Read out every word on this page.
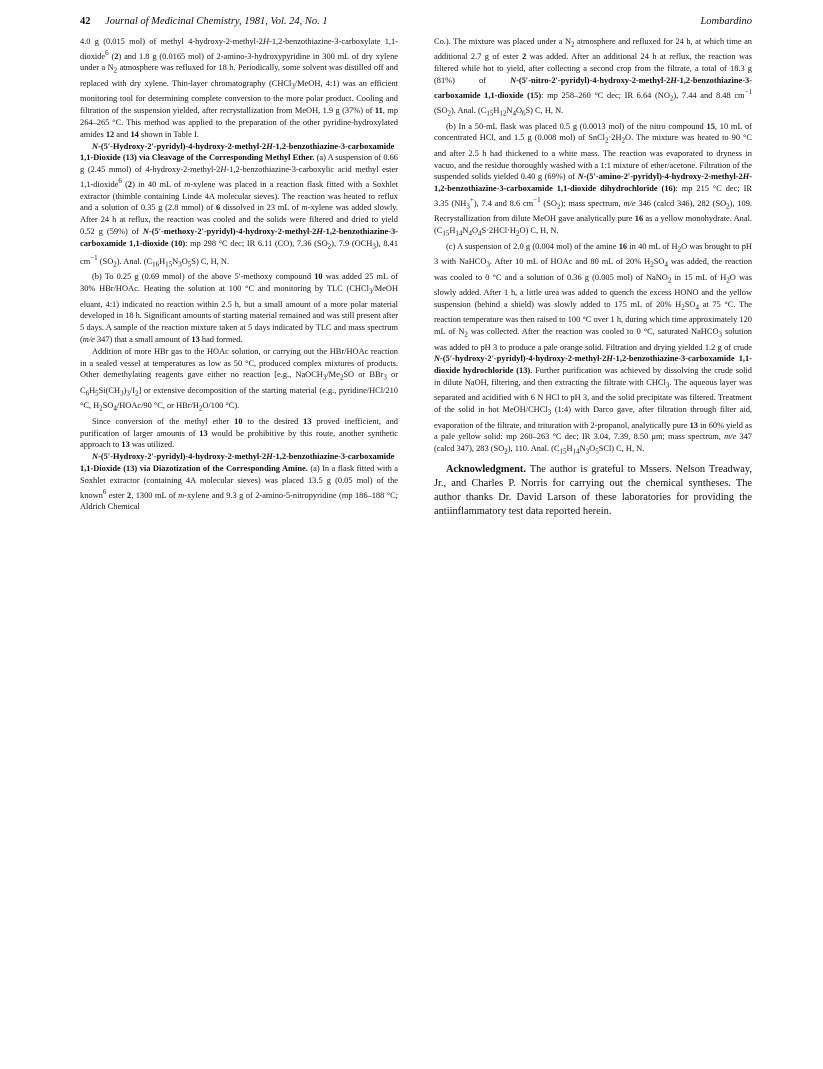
42 Journal of Medicinal Chemistry, 1981, Vol. 24, No. 1	Lombardino

4.0 g (0.015 mol) of methyl 4-hydroxy-2-methyl-2H-1,2-benzothiazine-3-carboxylate 1,1-dioxide$^6$ (2) and 1.8 g (0.0165 mol) of 2-amino-3-hydroxypyridine in 300 mL of dry xylene under a $N_2$ atmosphere was refluxed for 18 h. Periodically, some solvent was distilled off and replaced with dry xylene. Thin-layer chromatography (CHCl$_3$/MeOH, 4:1) was an efficient monitoring tool for determining complete conversion to the more polar product. Cooling and filtration of the suspension yielded, after recrystallization from MeOH, 1.9 g (37%) of 11, mp 264–265 °C. This method was applied to the preparation of the other pyridine-hydroxylated amides 12 and 14 shown in Table I.

N-(5′-Hydroxy-2′-pyridyl)-4-hydroxy-2-methyl-2H-1,2-benzothiazine-3-carboxamide 1,1-Dioxide (13) via Cleavage of the Corresponding Methyl Ether. (a) A suspension of 0.66 g (2.45 mmol) of 4-hydroxy-2-methyl-2H-1,2-benzothiazine-3-carboxylic acid methyl ester 1,1-dioxide$^6$ (2) in 40 mL of m-xylene was placed in a reaction flask fitted with a Soxhlet extractor (thimble containing Linde 4A molecular sieves). The reaction was heated to reflux and a solution of 0.35 g (2.8 mmol) of 6 dissolved in 23 mL of m-xylene was added slowly. After 24 h at reflux, the reaction was cooled and the solids were filtered and dried to yield 0.52 g (59%) of N-(5′-methoxy-2′-pyridyl)-4-hydroxy-2-methyl-2H-1,2-benzothiazine-3-carboxamide 1,1-dioxide (10): mp 298 °C dec; IR 6.11 (CO), 7.36 $(SO_2)$, 7.9 $(OCH_3)$, 8.41 $cm^{-1}$ $(SO_2)$. Anal. $(C_{16}H_{15}N_3O_5S)$ C, H, N.

(b) To 0.25 g (0.69 mmol) of the above 5′-methoxy compound 10 was added 25 mL of 30% HBr/HOAc. Heating the solution at 100 °C and monitoring by TLC (CHCl$_3$/MeOH eluant, 4:1) indicated no reaction within 2.5 h, but a small amount of a more polar material developed in 18 h. Significant amounts of starting material remained and was still present after 5 days. A sample of the reaction mixture taken at 5 days indicated by TLC and mass spectrum (m/e 347) that a small amount of 13 had formed.

Addition of more HBr gas to the HOAc solution, or carrying out the HBr/HOAc reaction in a sealed vessel at temperatures as low as 50 °C, produced complex mixtures of products. Other demethylating reagents gave either no reaction [e.g., $NaOCH_3/Me_2SO$ or BBr$_3$ or $C_6H_5Si(CH_3)_3/I_2$] or extensive decomposition of the starting material (e.g., pyridine/HCl/210 °C, $H_2SO_4/HOAc/90$ °C, or HBr/$H_2O/100$ °C).

Since conversion of the methyl ether 10 to the desired 13 proved inefficient, and purification of larger amounts of 13 would be prohibitive by this route, another synthetic approach to 13 was utilized.

N-(5′-Hydroxy-2′-pyridyl)-4-hydroxy-2-methyl-2H-1,2-benzothiazine-3-carboxamide 1,1-Dioxide (13) via Diazotization of the Corresponding Amine. (a) In a flask fitted with a Soxhlet extractor (containing 4A molecular sieves) was placed 13.5 g (0.05 mol) of the known$^6$ ester 2, 1300 mL of m-xylene and 9.3 g of 2-amino-5-nitropyridine (mp 186–188 °C; Aldrich Chemical

Co.). The mixture was placed under a $N_2$ atmosphere and refluxed for 24 h, at which time an additional 2.7 g of ester 2 was added. After an additional 24 h at reflux, the reaction was filtered while hot to yield, after collecting a second crop from the filtrate, a total of 18.3 g (81%) of N-(5′-nitro-2′-pyridyl)-4-hydroxy-2-methyl-2H-1,2-benzothiazine-3-carboxamide 1,1-dioxide (15): mp 258–260 °C dec; IR 6.64 $(NO_2)$, 7.44 and 8.48 $cm^{-1}$ $(SO_2)$. Anal. $(C_{15}H_{12}N_4O_6S)$ C, H, N.

(b) In a 50-mL flask was placed 0.5 g (0.0013 mol) of the nitro compound 15, 10 mL of concentrated HCl, and 1.5 g (0.008 mol) of $SnCl_2\cdot 2H_2O$. The mixture was heated to 90 °C and after 2.5 h had thickened to a white mass. The reaction was evaporated to dryness in vacuo, and the residue thoroughly washed with a 1:1 mixture of ether/acetone. Filtration of the suspended solids yielded 0.40 g (69%) of N-(5′-amino-2′-pyridyl)-4-hydroxy-2-methyl-2H-1,2-benzothiazine-3-carboxamide 1,1-dioxide dihydrochloride (16): mp 215 °C dec; IR 3.35 $(NH_3^+)$, 7.4 and 8.6 $cm^{-1}$ $(SO_2)$; mass spectrum, m/e 346 (calcd 346), 282 $(SO_2)$, 109. Recrystallization from dilute MeOH gave analytically pure 16 as a yellow monohydrate. Anal. $(C_{15}H_{14}N_4O_4S\cdot 2HCl\cdot H_2O)$ C, H, N.

(c) A suspension of 2.0 g (0.004 mol) of the amine 16 in 40 mL of $H_2O$ was brought to pH 3 with NaHCO$_3$. After 10 mL of HOAc and 80 mL of 20% $H_2SO_4$ was added, the reaction was cooled to 0 °C and a solution of 0.36 g (0.005 mol) of NaNO$_2$ in 15 mL of $H_2O$ was slowly added. After 1 h, a little urea was added to quench the excess HONO and the yellow suspension (behind a shield) was slowly added to 175 mL of 20% $H_2SO_4$ at 75 °C. The reaction temperature was then raised to 100 °C over 1 h, during which time approximately 120 mL of $N_2$ was collected. After the reaction was cooled to 0 °C, saturated NaHCO$_3$ solution was added to pH 3 to produce a pale orange solid. Filtration and drying yielded 1.2 g of crude N-(5′-hydroxy-2′-pyridyl)-4-hydroxy-2-methyl-2H-1,2-benzothiazine-3-carboxamide 1,1-dioxide hydrochloride (13). Further purification was achieved by dissolving the crude solid in dilute NaOH, filtering, and then extracting the filtrate with CHCl$_3$. The aqueous layer was separated and acidified with 6 N HCl to pH 3, and the solid precipitate was filtered. Treatment of the solid in hot MeOH/CHCl$_3$ (1:4) with Darco gave, after filtration through filter aid, evaporation of the filtrate, and trituration with 2-propanol, analytically pure 13 in 60% yield as a pale yellow solid: mp 260–263 °C dec; IR 3.04, 7.39, 8.50 μm; mass spectrum, m/e 347 (calcd 347), 283 $(SO_2)$, 110. Anal. $(C_{15}H_{14}N_3O_5SCl)$ C, H, N.

Acknowledgment. The author is grateful to Mssers. Nelson Treadway, Jr., and Charles P. Norris for carrying out the chemical syntheses. The author thanks Dr. David Larson of these laboratories for providing the antiinflammatory test data reported herein.
